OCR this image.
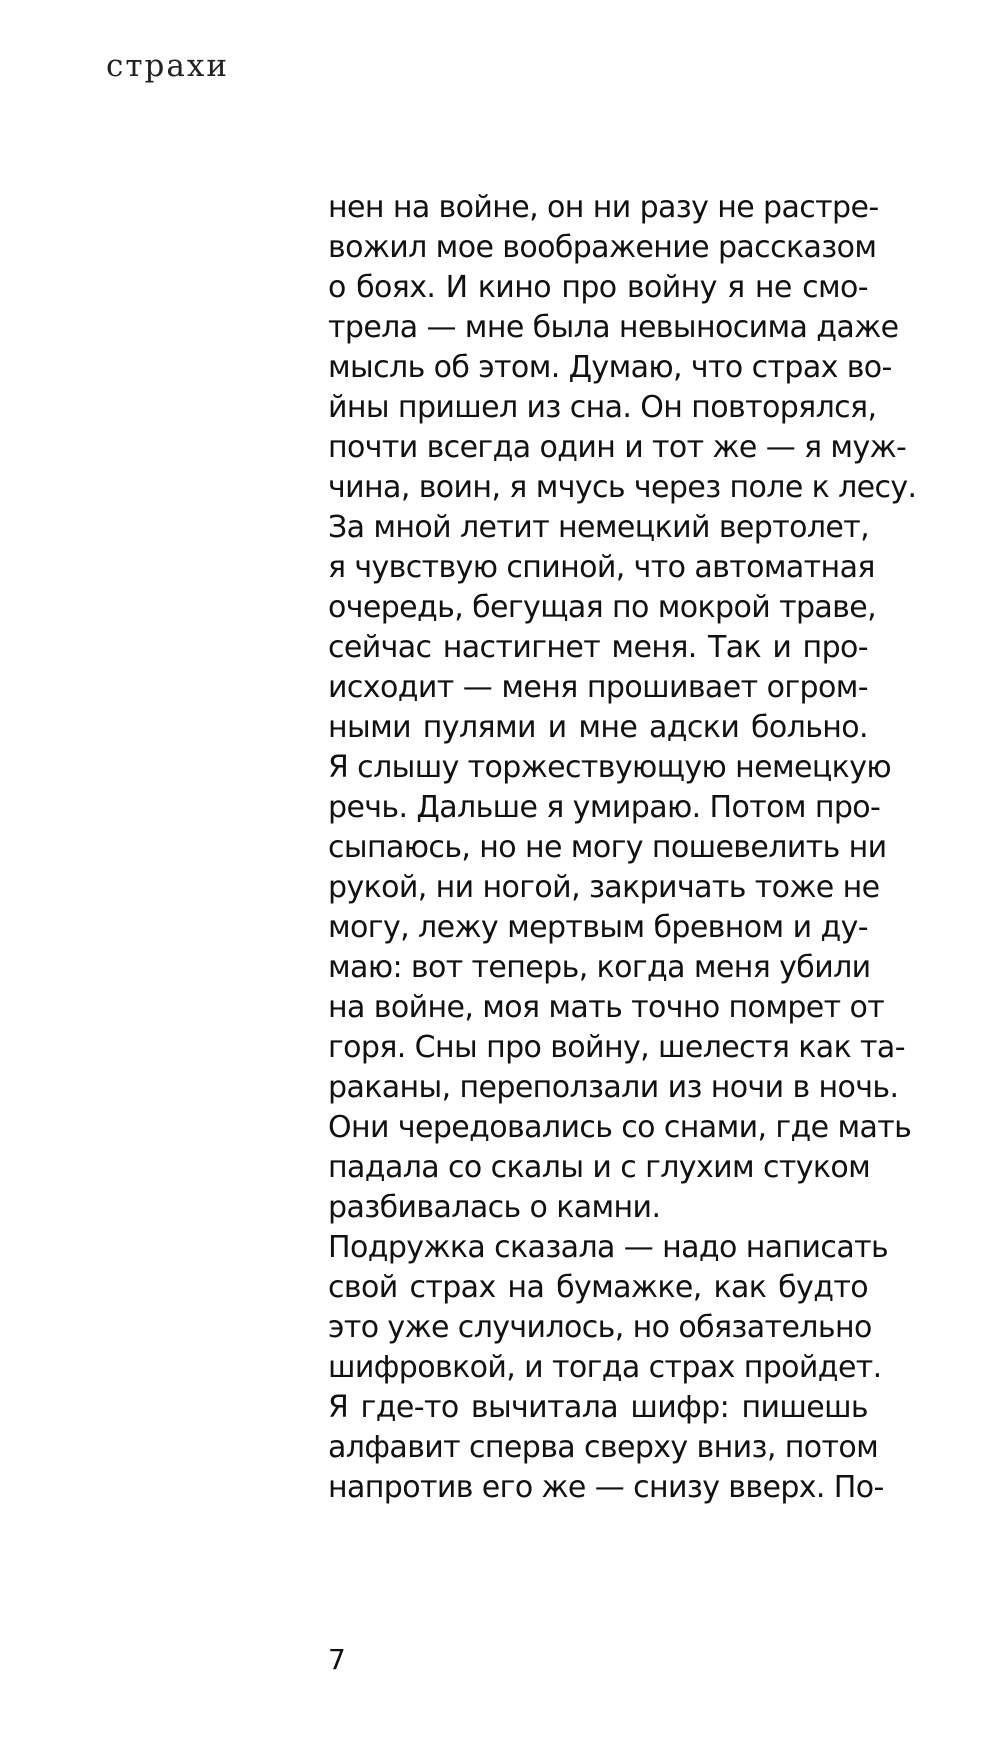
страхи
нен на войне, он ни разу не растре-
вожил мое воображение рассказом
о боях. И кино про войну я не смо-
трела — мне была невыносима даже
мысль об этом. Думаю, что страх во-
йны пришел из сна. Он повторялся,
почти всегда один и тот же — я муж-
чина, воин, я мчусь через поле к лесу.
За мной летит немецкий вертолет,
я чувствую спиной, что автоматная
очередь, бегущая по мокрой траве,
сейчас настигнет меня. Так и про-
исходит — меня прошивает огром-
ными пулями и мне адски больно.
Я слышу торжествующую немецкую
речь. Дальше я умираю. Потом про-
сыпаюсь, но не могу пошевелить ни
рукой, ни ногой, закричать тоже не
могу, лежу мертвым бревном и ду-
маю: вот теперь, когда меня убили
на войне, моя мать точно помрет от
горя. Сны про войну, шелестя как та-
раканы, переползали из ночи в ночь.
Они чередовались со снами, где мать
падала со скалы и с глухим стуком
разбивалась о камни.
Подружка сказала — надо написать
свой страх на бумажке, как будто
это уже случилось, но обязательно
шифровкой, и тогда страх пройдет.
Я где-то вычитала шифр: пишешь
алфавит сперва сверху вниз, потом
напротив его же — снизу вверх. По-
7
